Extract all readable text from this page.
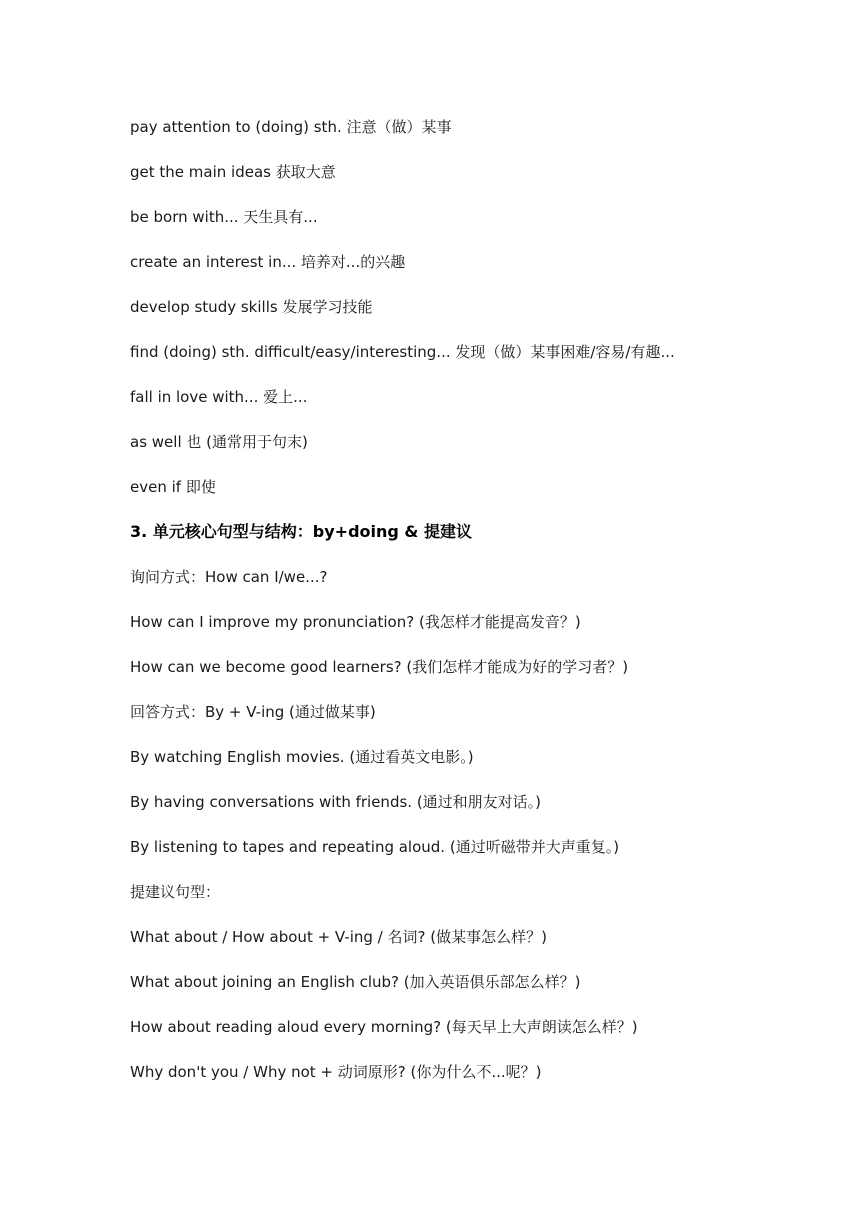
pay attention to (doing) sth. 注意（做）某事
get the main ideas 获取大意
be born with... 天生具有...
create an interest in... 培养对...的兴趣
develop study skills 发展学习技能
find (doing) sth. difficult/easy/interesting... 发现（做）某事困难/容易/有趣...
fall in love with... 爱上...
as well 也 (通常用于句末)
even if 即使
3. 单元核心句型与结构：by+doing & 提建议
询问方式：How can I/we...?
How can I improve my pronunciation? (我怎样才能提高发音？)
How can we become good learners? (我们怎样才能成为好的学习者？)
回答方式：By + V-ing (通过做某事)
By watching English movies. (通过看英文电影。)
By having conversations with friends. (通过和朋友对话。)
By listening to tapes and repeating aloud. (通过听磁带并大声重复。)
提建议句型：
What about / How about + V-ing / 名词? (做某事怎么样？)
What about joining an English club? (加入英语俱乐部怎么样？)
How about reading aloud every morning? (每天早上大声朗读怎么样？)
Why don't you / Why not + 动词原形? (你为什么不...呢？)
